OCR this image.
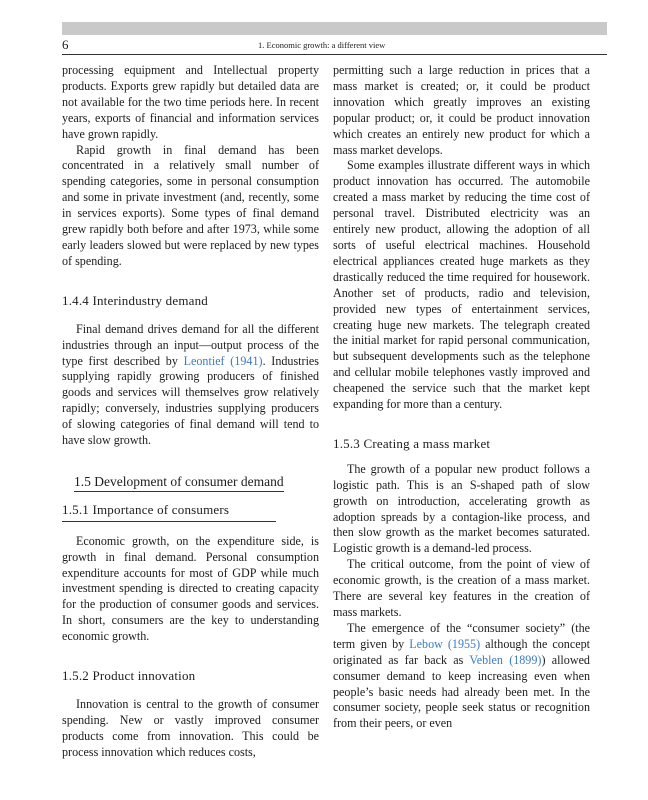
6	1. Economic growth: a different view

processing equipment and Intellectual property products. Exports grew rapidly but detailed data are not available for the two time periods here. In recent years, exports of financial and information services have grown rapidly.

Rapid growth in final demand has been concentrated in a relatively small number of spending categories, some in personal consumption and some in private investment (and, recently, some in services exports). Some types of final demand grew rapidly both before and after 1973, while some early leaders slowed but were replaced by new types of spending.

1.4.4 Interindustry demand

Final demand drives demand for all the different industries through an input—output process of the type first described by Leontief (1941). Industries supplying rapidly growing producers of finished goods and services will themselves grow relatively rapidly; conversely, industries supplying producers of slowing categories of final demand will tend to have slow growth.

1.5 Development of consumer demand
1.5.1 Importance of consumers

Economic growth, on the expenditure side, is growth in final demand. Personal consumption expenditure accounts for most of GDP while much investment spending is directed to creating capacity for the production of consumer goods and services. In short, consumers are the key to understanding economic growth.

1.5.2 Product innovation

Innovation is central to the growth of consumer spending. New or vastly improved consumer products come from innovation. This could be process innovation which reduces costs,

permitting such a large reduction in prices that a mass market is created; or, it could be product innovation which greatly improves an existing popular product; or, it could be product innovation which creates an entirely new product for which a mass market develops.

Some examples illustrate different ways in which product innovation has occurred. The automobile created a mass market by reducing the time cost of personal travel. Distributed electricity was an entirely new product, allowing the adoption of all sorts of useful electrical machines. Household electrical appliances created huge markets as they drastically reduced the time required for housework. Another set of products, radio and television, provided new types of entertainment services, creating huge new markets. The telegraph created the initial market for rapid personal communication, but subsequent developments such as the telephone and cellular mobile telephones vastly improved and cheapened the service such that the market kept expanding for more than a century.

1.5.3 Creating a mass market

The growth of a popular new product follows a logistic path. This is an S-shaped path of slow growth on introduction, accelerating growth as adoption spreads by a contagion-like process, and then slow growth as the market becomes saturated. Logistic growth is a demand-led process.

The critical outcome, from the point of view of economic growth, is the creation of a mass market. There are several key features in the creation of mass markets.

The emergence of the “consumer society” (the term given by Lebow (1955) although the concept originated as far back as Veblen (1899)) allowed consumer demand to keep increasing even when people’s basic needs had already been met. In the consumer society, people seek status or recognition from their peers, or even
